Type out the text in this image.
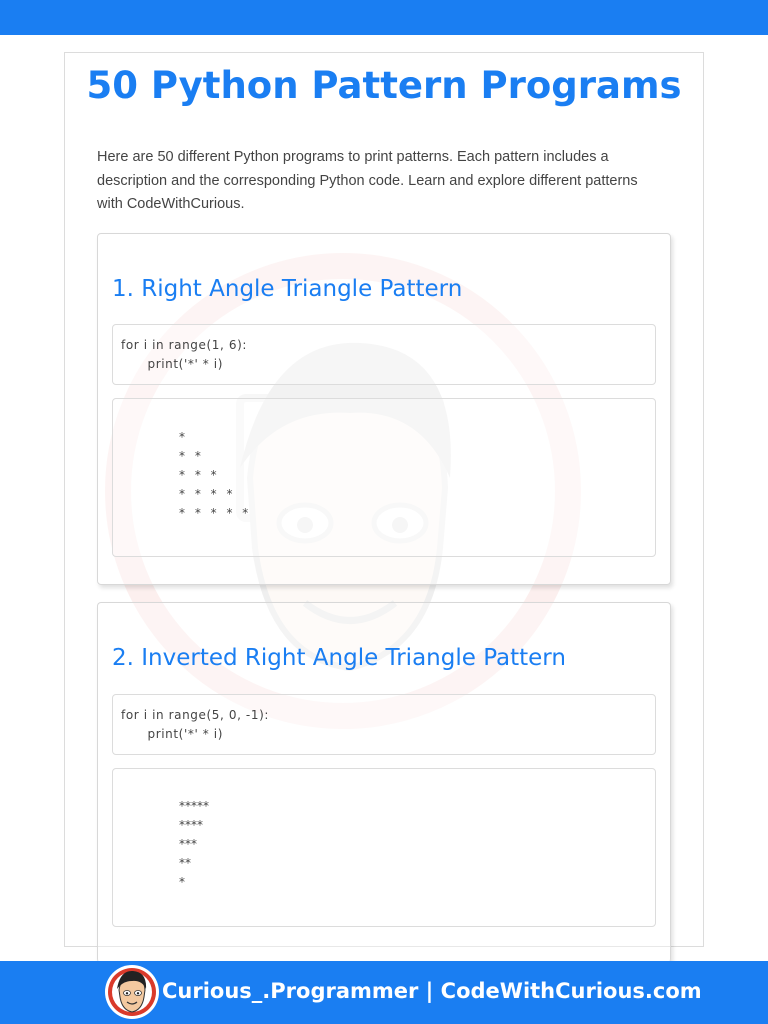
50 Python Pattern Programs

Here are 50 different Python programs to print patterns. Each pattern includes a description and the corresponding Python code. Learn and explore different patterns with CodeWithCurious.

1. Right Angle Triangle Pattern
for i in range(1, 6):
print('*' * i)
*
* *
* * *
* * * *
* * * * *
2. Inverted Right Angle Triangle Pattern
for i in range(5, 0, -1):
print('*' * i)
*****
****
***
**
*
Curious_.Programmer | CodeWithCurious.com
